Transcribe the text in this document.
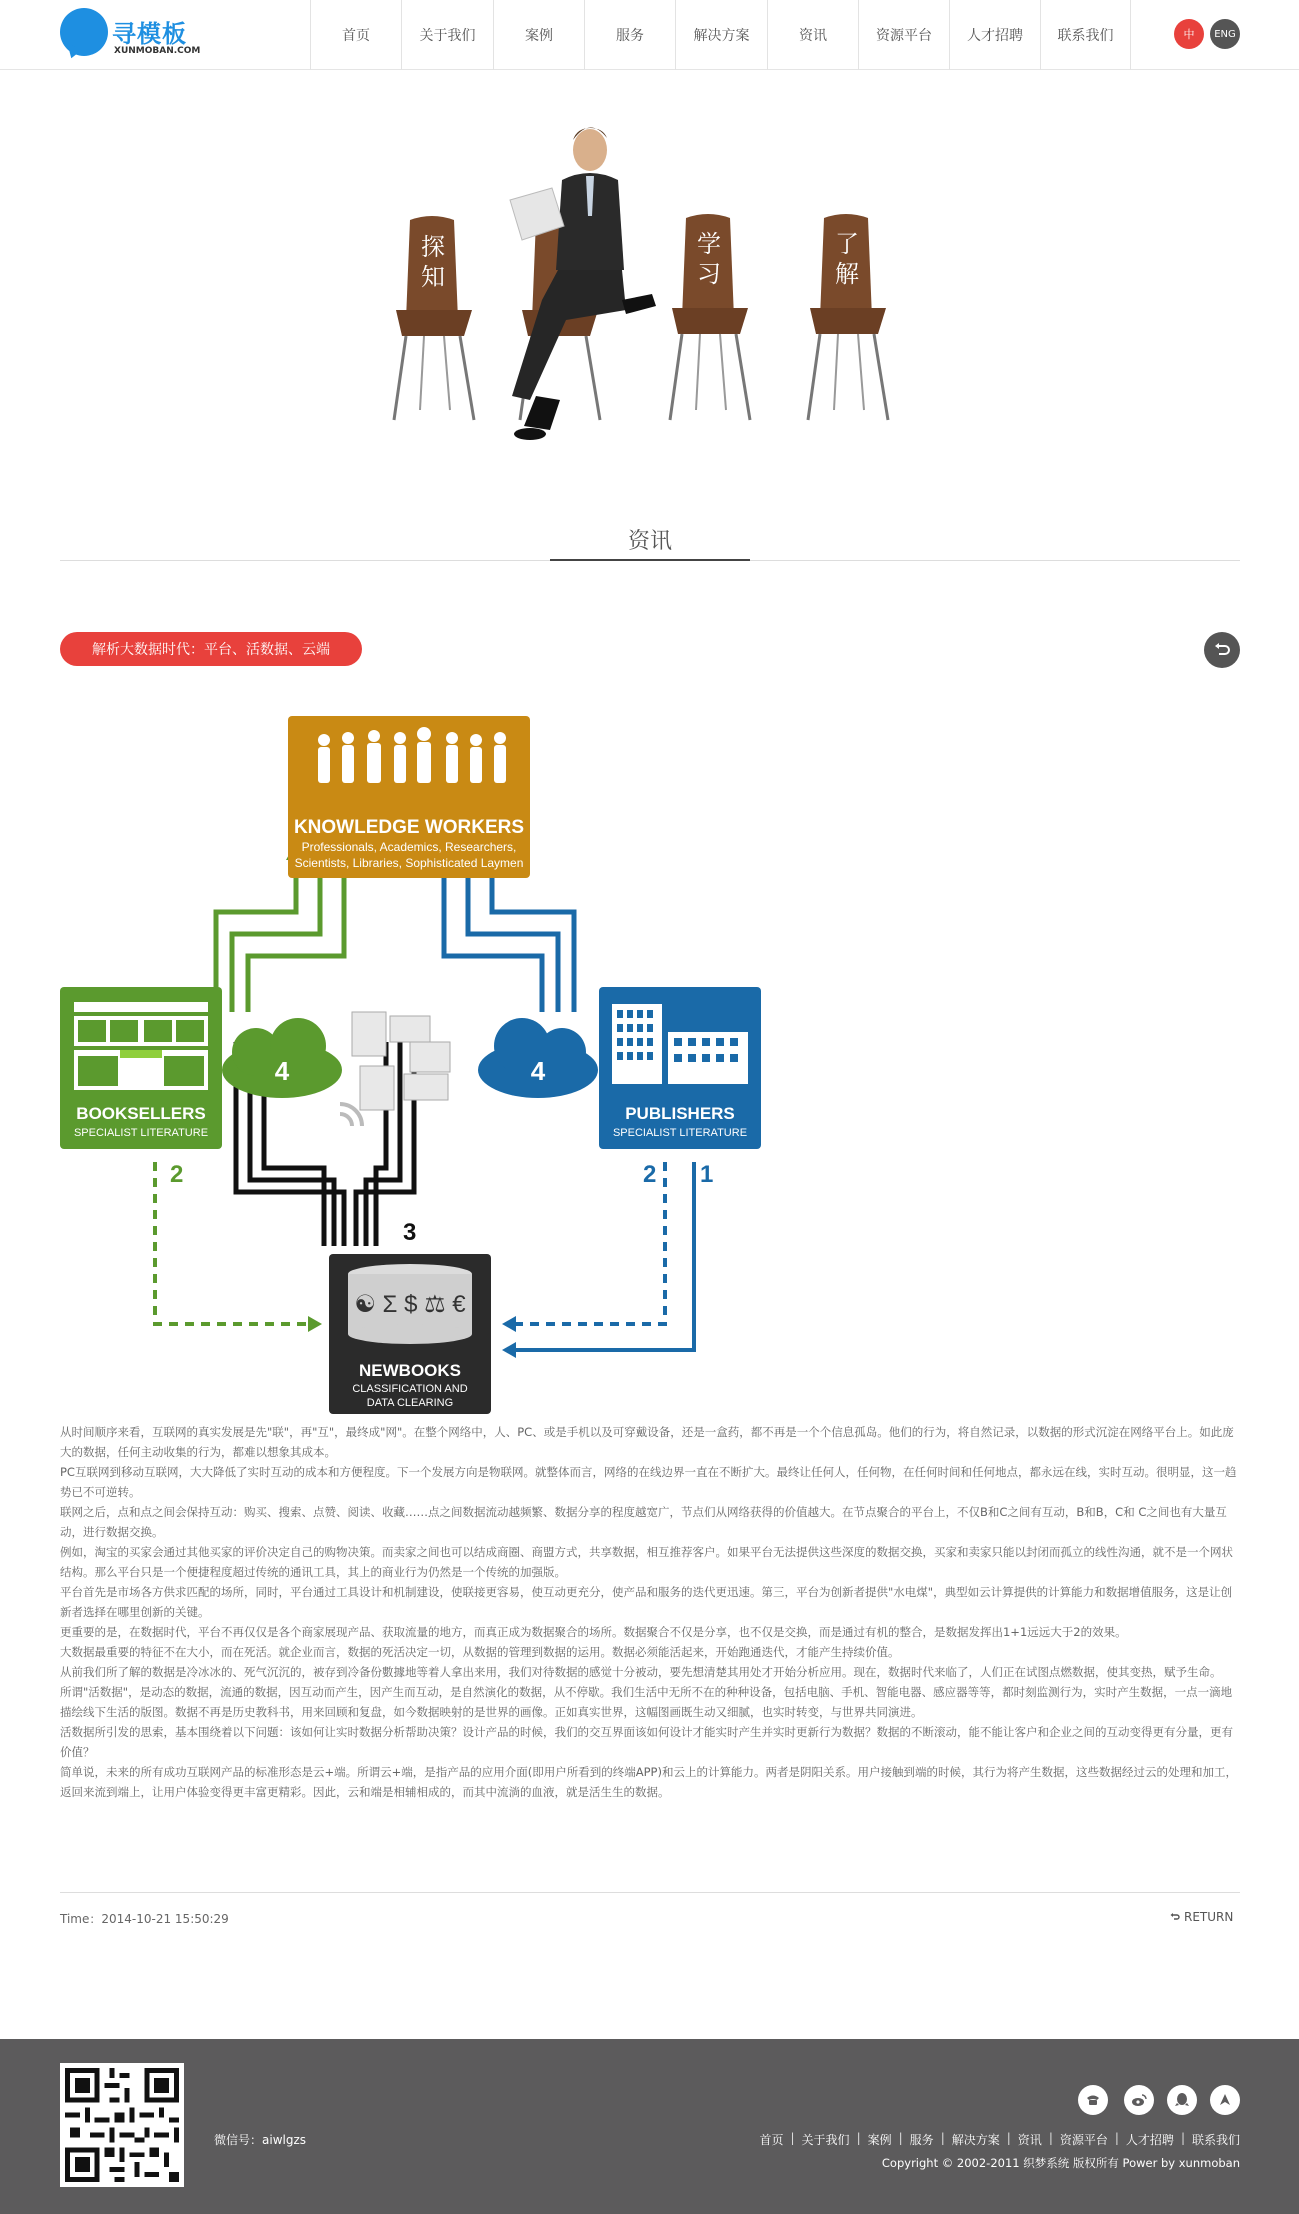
寻模板
XUNMOBAN.COM
首页	关于我们	案例	服务	解决方案	资讯	资源平台	人才招聘	联系我们	中	ENG
探
知
学
习
了
解
资讯
解析大数据时代：平台、活数据、云端
KNOWLEDGE WORKERS
Professionals, Academics, Researchers,
Scientists, Libraries, Sophisticated Laymen
BOOKSELLERS
SPECIALIST LITERATURE
PUBLISHERS
SPECIALIST LITERATURE
4	4
2	2 1
3
☯ Σ $ ⚖ €
NEWBOOKS
CLASSIFICATION AND
DATA CLEARING

从时间顺序来看，互联网的真实发展是先"联"，再"互"，最终成"网"。在整个网络中，人、PC、或是手机以及可穿戴设备，还是一盒药，都不再是一个个信息孤岛。他们的行为，将自然记录，以数据的形式沉淀在网络平台上。如此庞大的数据，任何主动收集的行为，都难以想象其成本。

PC互联网到移动互联网，大大降低了实时互动的成本和方便程度。下一个发展方向是物联网。就整体而言，网络的在线边界一直在不断扩大。最终让任何人，任何物，在任何时间和任何地点，都永远在线，实时互动。很明显，这一趋势已不可逆转。

联网之后，点和点之间会保持互动：购买、搜索、点赞、阅读、收藏……点之间数据流动越频繁、数据分享的程度越宽广，节点们从网络获得的价值越大。在节点聚合的平台上，不仅B和C之间有互动，B和B，C和 C之间也有大量互动，进行数据交换。

例如，淘宝的买家会通过其他买家的评价决定自己的购物决策。而卖家之间也可以结成商圈、商盟方式，共享数据，相互推荐客户。如果平台无法提供这些深度的数据交换，买家和卖家只能以封闭而孤立的线性沟通，就不是一个网状结构。那么平台只是一个便捷程度超过传统的通讯工具，其上的商业行为仍然是一个传统的加强版。

平台首先是市场各方供求匹配的场所，同时，平台通过工具设计和机制建设，使联接更容易，使互动更充分，使产品和服务的迭代更迅速。第三，平台为创新者提供"水电煤"，典型如云计算提供的计算能力和数据增值服务，这是让创新者选择在哪里创新的关键。

更重要的是，在数据时代，平台不再仅仅是各个商家展现产品、获取流量的地方，而真正成为数据聚合的场所。数据聚合不仅是分享，也不仅是交换，而是通过有机的整合，是数据发挥出1+1远远大于2的效果。

大数据最重要的特征不在大小，而在死活。就企业而言，数据的死活决定一切，从数据的管理到数据的运用。数据必须能活起来，开始跑通迭代，才能产生持续价值。

从前我们所了解的数据是冷冰冰的、死气沉沉的，被存到冷备份數據地等着人拿出来用，我们对待数据的感觉十分被动，要先想清楚其用处才开始分析应用。现在，数据时代来临了，人们正在试图点燃数据，使其变热，赋予生命。

所谓"活数据"，是动态的数据，流通的数据，因互动而产生，因产生而互动，是自然演化的数据，从不停歇。我们生活中无所不在的种种设备，包括电脑、手机、智能电器、感应器等等，都时刻监测行为，实时产生数据，一点一滴地描绘线下生活的版图。数据不再是历史教科书，用来回顾和复盘，如今数据映射的是世界的画像。正如真实世界，这幅图画既生动又细腻，也实时转变，与世界共同演进。

活数据所引发的思索，基本围绕着以下问题：该如何让实时数据分析帮助决策？设计产品的时候，我们的交互界面该如何设计才能实时产生并实时更新行为数据？数据的不断滚动，能不能让客户和企业之间的互动变得更有分量，更有价值？

简单说，未来的所有成功互联网产品的标准形态是云+端。所谓云+端，是指产品的应用介面(即用户所看到的终端APP)和云上的计算能力。两者是阴阳关系。用户接触到端的时候，其行为将产生数据，这些数据经过云的处理和加工，返回来流到端上，让用户体验变得更丰富更精彩。因此，云和端是相辅相成的，而其中流淌的血液，就是活生生的数据。

Time：2014-10-21 15:50:29	RETURN
微信号：aiwlgzs	首页 | 关于我们 | 案例 | 服务 | 解决方案 | 资讯 | 资源平台 | 人才招聘 | 联系我们
Copyright © 2002-2011 织梦系统 版权所有 Power by xunmoban
